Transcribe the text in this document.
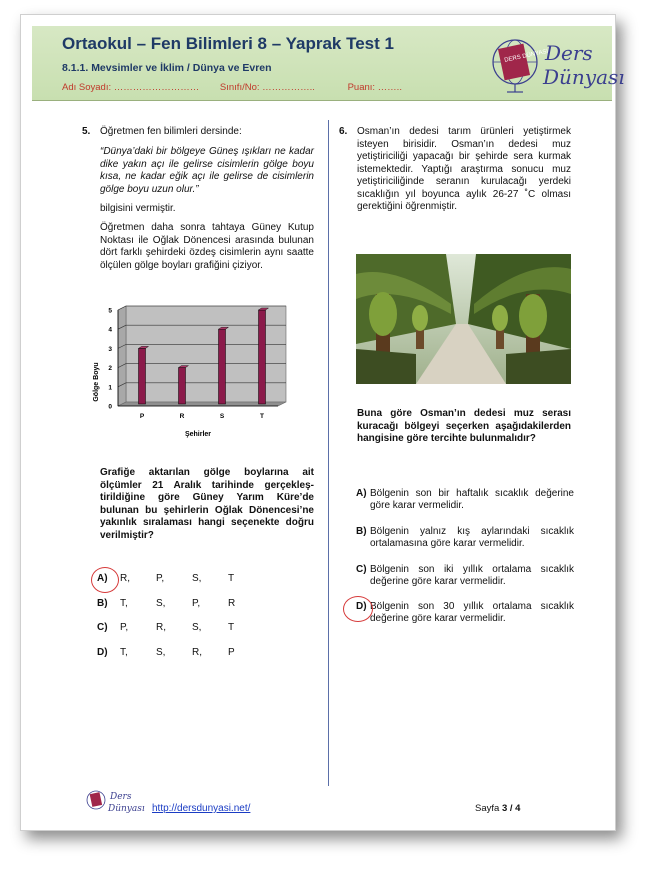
Ortaokul – Fen Bilimleri 8 – Yaprak Test 1
8.1.1. Mevsimler ve İklim / Dünya ve Evren
Adı Soyadı: ……………………… Sınıfı/No: ……………..	Puanı: ……..
DERS DÜNYASI
Ders
Dünyası
5. Öğretmen fen bilimleri dersinde:
“Dünya’daki bir bölgeye Güneş ışıkları ne kadar dike yakın açı ile gelirse cisimlerin gölge boyu kısa, ne kadar eğik açı ile gelirse de cisimlerin gölge boyu uzun olur.”
bilgisini vermiştir.
Öğretmen daha sonra tahtaya Güney Kutup Noktası ile Oğlak Dönencesi arasında bulunan dört farklı şehirdeki özdeş cisimlerin aynı saatte ölçülen gölge boyları grafiğini çiziyor.
0
1
2
3
4
5
P	R	S	T
Gölge Boyu
Şehirler
Grafiğe aktarılan gölge boylarına ait ölçümler 21 Aralık tarihinde gerçekleştirildiğine göre Güney Yarım Küre’de bulunan bu şehirlerin Oğlak Dönencesi’ne yakınlık sıralaması hangi seçenekte doğru verilmiştir?
A) R,	P,	S,	T
B) T,	S,	P,	R
C) P,	R,	S,	T
D) T,	S,	R,	P
6. Osman’ın dedesi tarım ürünleri yetiştirmek isteyen birisidir. Osman’ın dedesi muz yetiştiriciliği yapacağı bir şehirde sera kurmak istemektedir. Yaptığı araştırma sonucu muz yetiştiriciliğinde seranın kurulacağı yerdeki sıcaklığın yıl boyunca aylık 26-27 ˚C olması gerektiğini öğrenmiştir.
Buna göre Osman’ın dedesi muz serası kuracağı bölgeyi seçerken aşağıdakilerden hangisine göre tercihte bulunmalıdır?
A) Bölgenin son bir haftalık sıcaklık değerine göre karar vermelidir.
B) Bölgenin yalnız kış aylarındaki sıcaklık ortalamasına göre karar vermelidir.
C) Bölgenin son iki yıllık ortalama sıcaklık değerine göre karar vermelidir.
D) Bölgenin son 30 yıllık ortalama sıcaklık değerine göre karar vermelidir.
Ders
Dünyası http://dersdunyasi.net/	Sayfa 3 / 4
